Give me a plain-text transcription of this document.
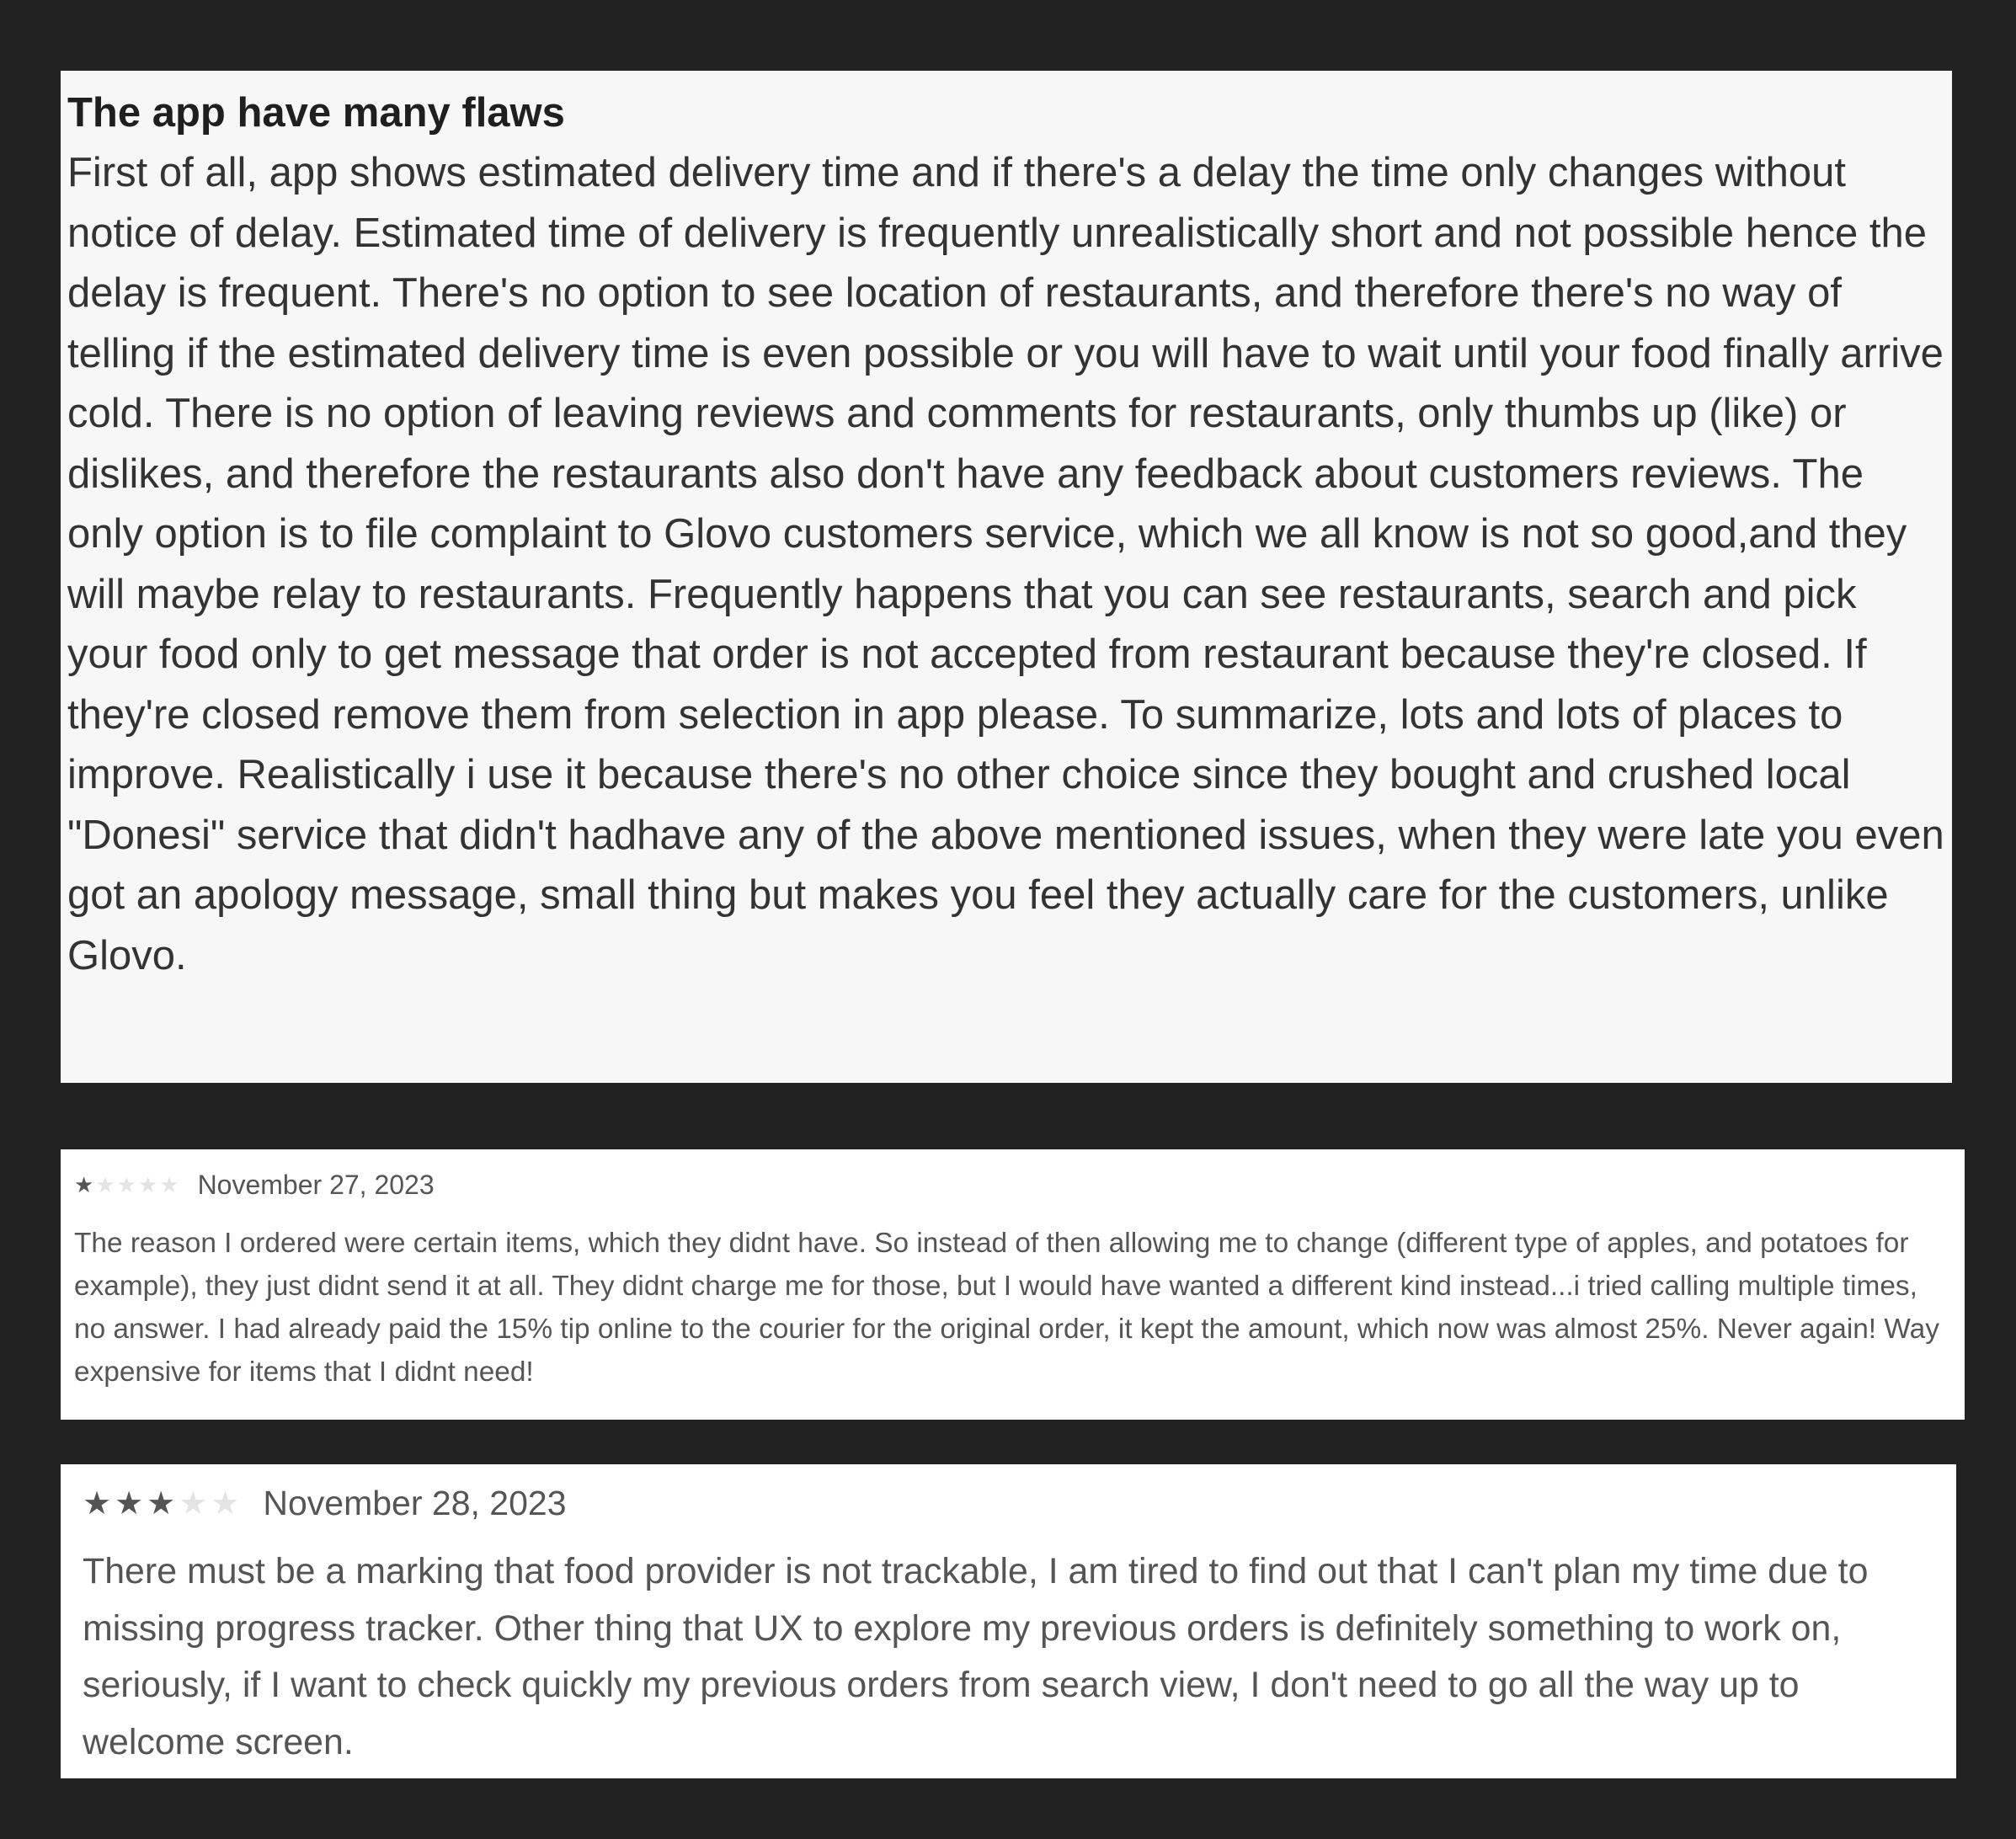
The app have many flaws

First of all, app shows estimated delivery time and if there's a delay the time only changes without notice of delay. Estimated time of delivery is frequently unrealistically short and not possible hence the delay is frequent. There's no option to see location of restaurants, and therefore there's no way of telling if the estimated delivery time is even possible or you will have to wait until your food finally arrive cold. There is no option of leaving reviews and comments for restaurants, only thumbs up (like) or dislikes, and therefore the restaurants also don't have any feedback about customers reviews. The only option is to file complaint to Glovo customers service, which we all know is not so good,and they will maybe relay to restaurants. Frequently happens that you can see restaurants, search and pick your food only to get message that order is not accepted from restaurant because they're closed. If they're closed remove them from selection in app please. To summarize, lots and lots of places to improve. Realistically i use it because there's no other choice since they bought and crushed local "Donesi" service that didn't hadhave any of the above mentioned issues, when they were late you even got an apology message, small thing but makes you feel they actually care for the customers, unlike Glovo.

★★★★★ November 27, 2023

The reason I ordered were certain items, which they didnt have. So instead of then allowing me to change (different type of apples, and potatoes for example), they just didnt send it at all. They didnt charge me for those, but I would have wanted a different kind instead...i tried calling multiple times, no answer. I had already paid the 15% tip online to the courier for the original order, it kept the amount, which now was almost 25%. Never again! Way expensive for items that I didnt need!

★★★★★ November 28, 2023

There must be a marking that food provider is not trackable, I am tired to find out that I can't plan my time due to missing progress tracker. Other thing that UX to explore my previous orders is definitely something to work on, seriously, if I want to check quickly my previous orders from search view, I don't need to go all the way up to welcome screen.
